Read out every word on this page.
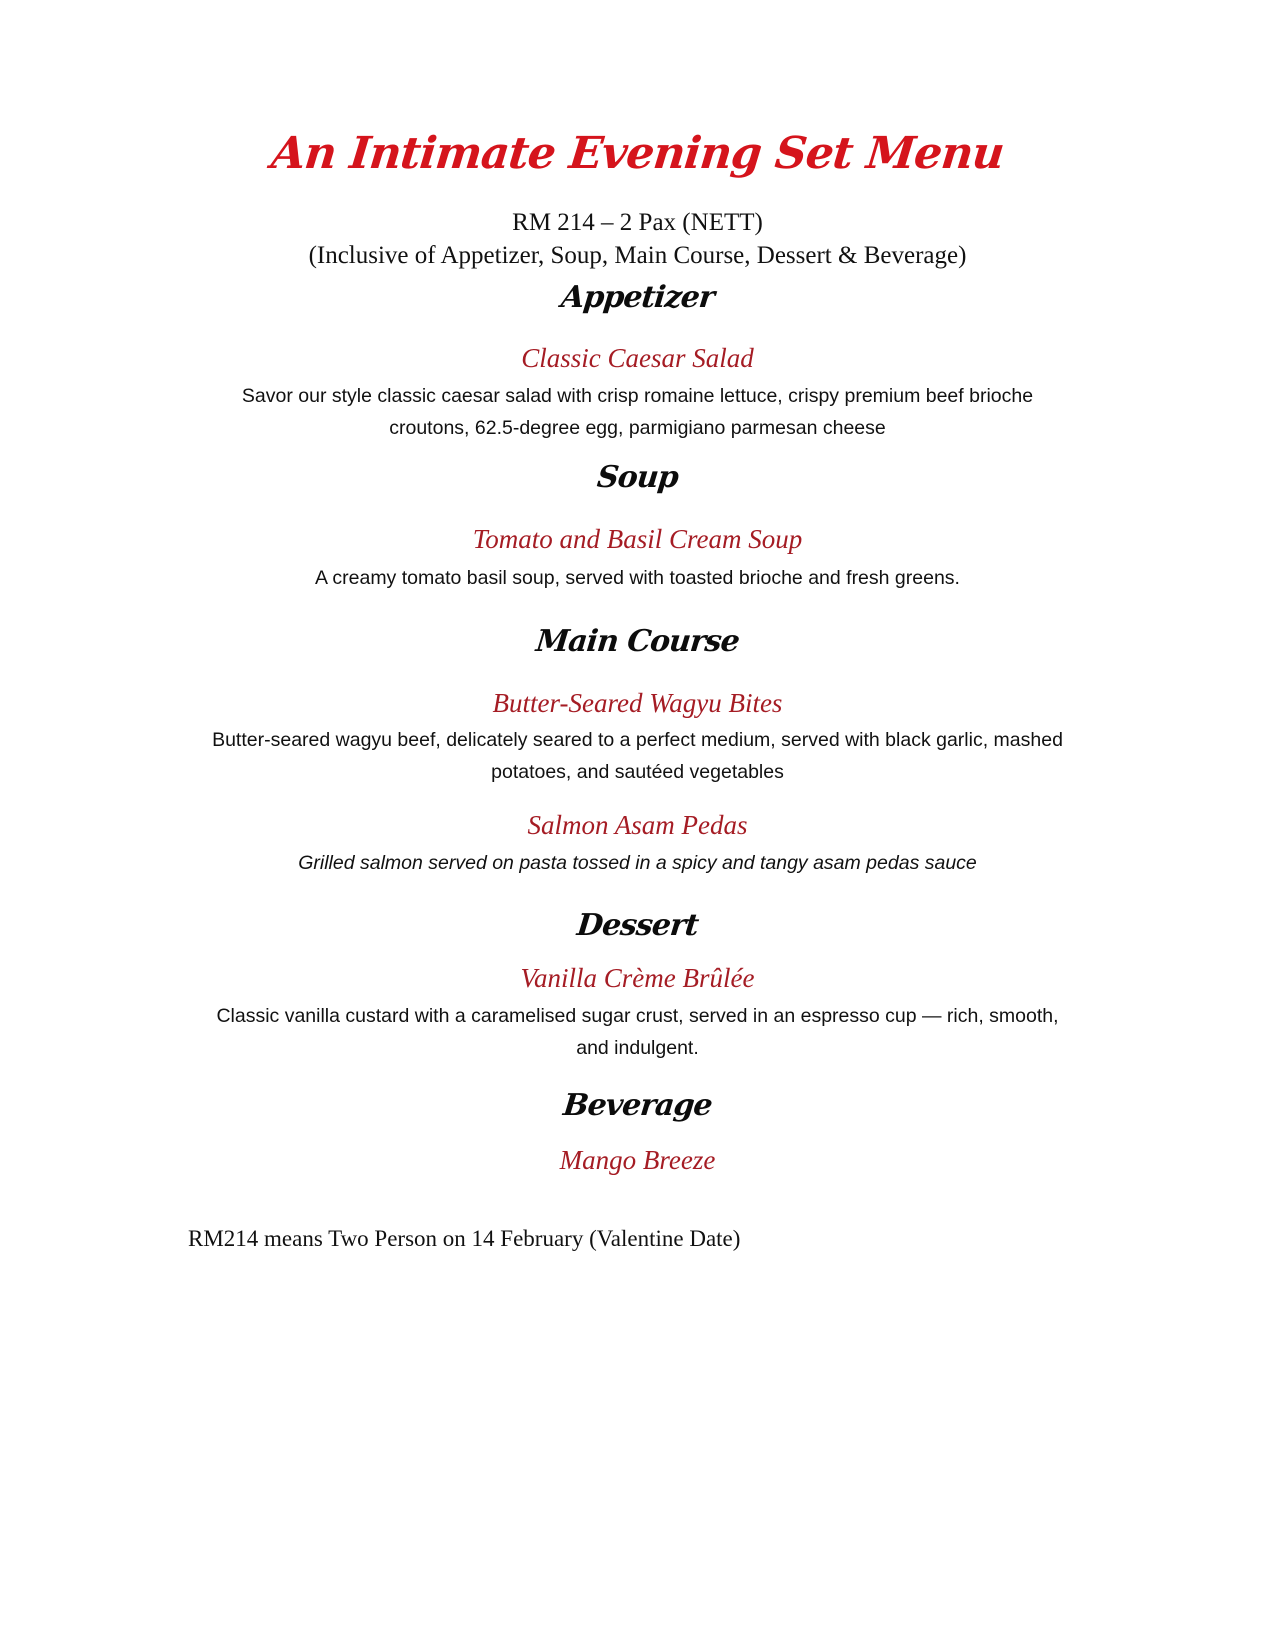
An Intimate Evening Set Menu
RM 214 – 2 Pax (NETT)
(Inclusive of Appetizer, Soup, Main Course, Dessert & Beverage)
Appetizer
Classic Caesar Salad
Savor our style classic caesar salad with crisp romaine lettuce, crispy premium beef brioche
croutons, 62.5-degree egg, parmigiano parmesan cheese
Soup
Tomato and Basil Cream Soup
A creamy tomato basil soup, served with toasted brioche and fresh greens.
Main Course
Butter-Seared Wagyu Bites
Butter-seared wagyu beef, delicately seared to a perfect medium, served with black garlic, mashed
potatoes, and sautéed vegetables
Salmon Asam Pedas
Grilled salmon served on pasta tossed in a spicy and tangy asam pedas sauce
Dessert
Vanilla Crème Brûlée
Classic vanilla custard with a caramelised sugar crust, served in an espresso cup — rich, smooth,
and indulgent.
Beverage
Mango Breeze
RM214 means Two Person on 14 February (Valentine Date)
